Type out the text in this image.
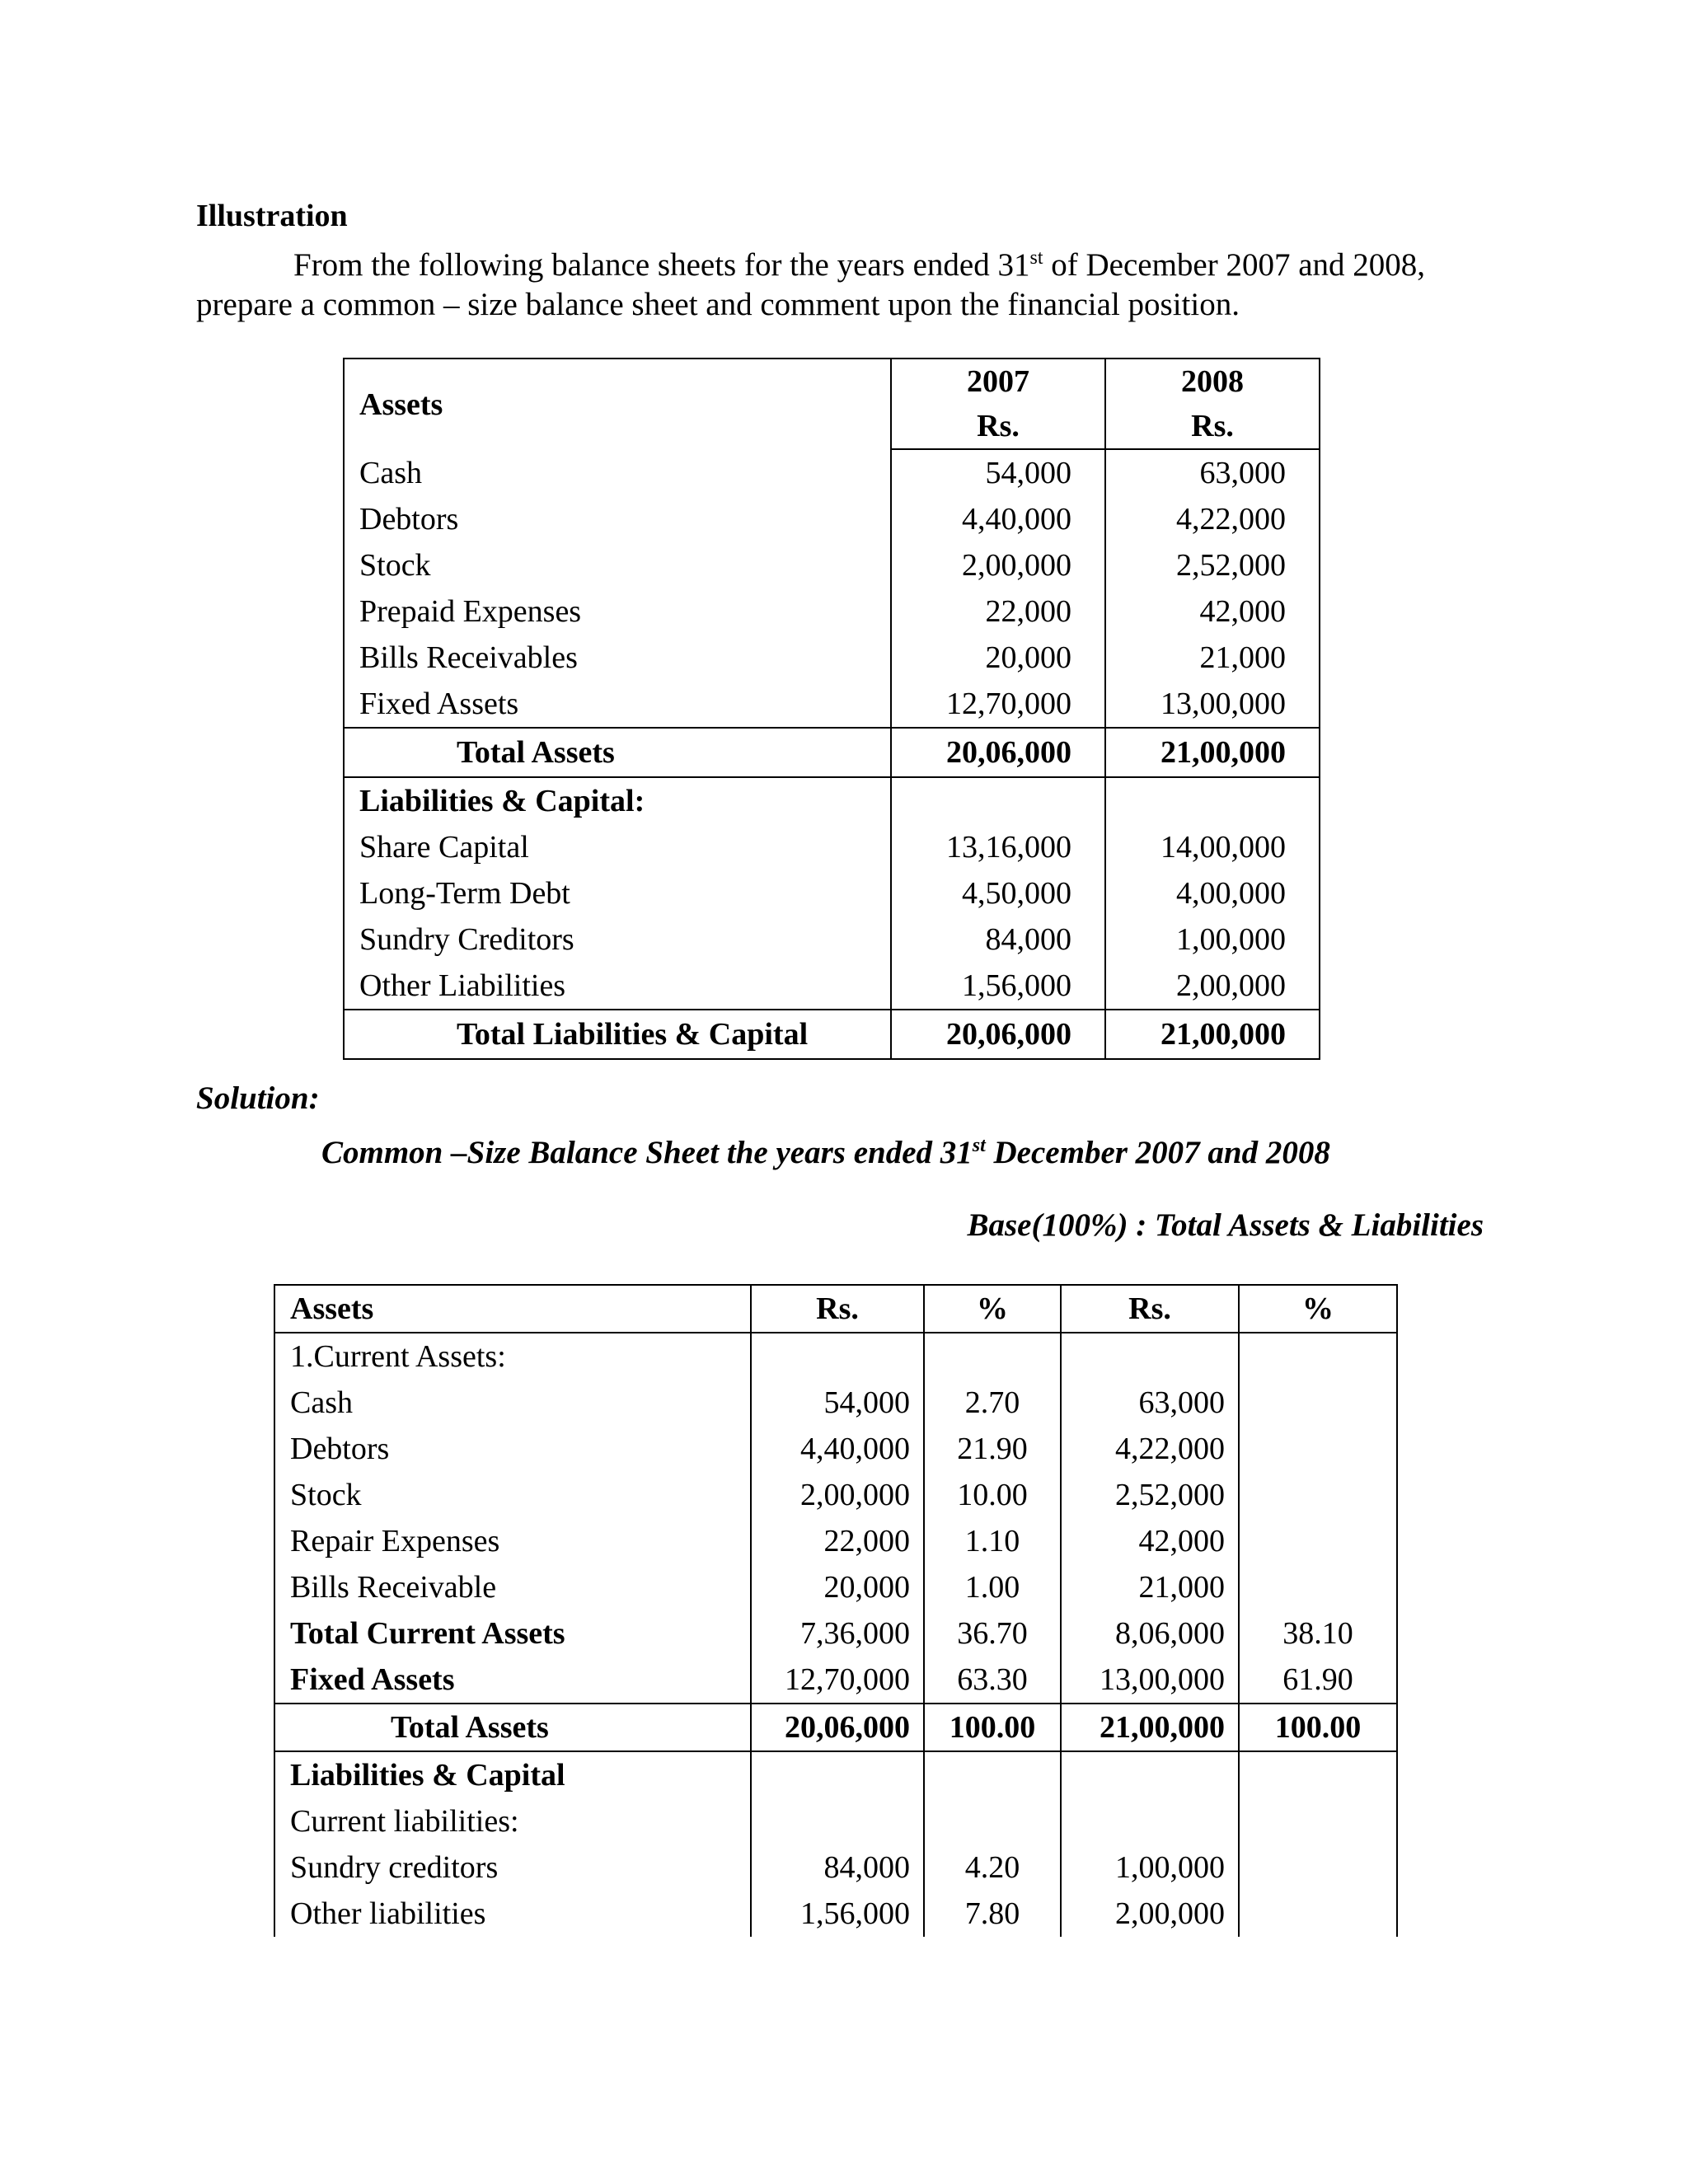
Illustration
From the following balance sheets for the years ended 31st of December 2007 and 2008,
prepare a common – size balance sheet and comment upon the financial position.
Assets	2007	2008
	Rs.	Rs.
Cash	54,000	63,000
Debtors	4,40,000	4,22,000
Stock	2,00,000	2,52,000
Prepaid Expenses	22,000	42,000
Bills Receivables	20,000	21,000
Fixed Assets	12,70,000	13,00,000
Total Assets	20,06,000	21,00,000
Liabilities & Capital:		
Share Capital	13,16,000	14,00,000
Long-Term Debt	4,50,000	4,00,000
Sundry Creditors	84,000	1,00,000
Other Liabilities	1,56,000	2,00,000
Total Liabilities & Capital	20,06,000	21,00,000
Solution:
Common –Size Balance Sheet the years ended 31st December 2007 and 2008
Base(100%) : Total Assets & Liabilities
Assets	Rs.	%	Rs.	%
1.Current Assets:				
Cash	54,000	2.70	63,000	
Debtors	4,40,000	21.90	4,22,000	
Stock	2,00,000	10.00	2,52,000	
Repair Expenses	22,000	1.10	42,000	
Bills Receivable	20,000	1.00	21,000	
Total Current Assets	7,36,000	36.70	8,06,000	38.10
Fixed Assets	12,70,000	63.30	13,00,000	61.90
Total Assets	20,06,000	100.00	21,00,000	100.00
Liabilities & Capital				
Current liabilities:				
Sundry creditors	84,000	4.20	1,00,000	
Other liabilities	1,56,000	7.80	2,00,000	
